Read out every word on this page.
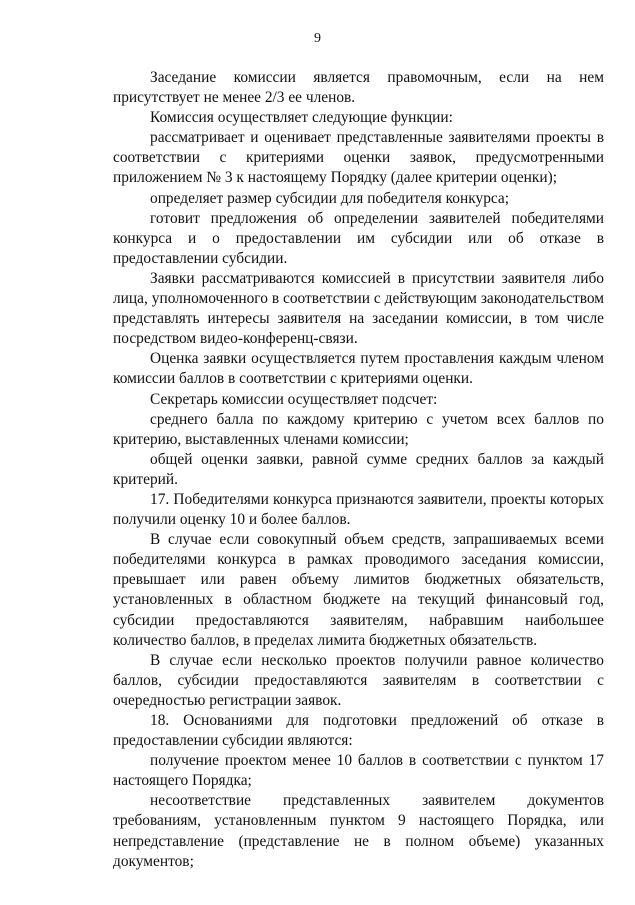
9

Заседание комиссии является правомочным, если на нем присутствует не менее 2/3 ее членов.

Комиссия осуществляет следующие функции:

рассматривает и оценивает представленные заявителями проекты в соответствии с критериями оценки заявок, предусмотренными приложением № 3 к настоящему Порядку (далее критерии оценки);

определяет размер субсидии для победителя конкурса;

готовит предложения об определении заявителей победителями конкурса и о предоставлении им субсидии или об отказе в предоставлении субсидии.

Заявки рассматриваются комиссией в присутствии заявителя либо лица, уполномоченного в соответствии с действующим законодательством представлять интересы заявителя на заседании комиссии, в том числе посредством видео-конференц-связи.

Оценка заявки осуществляется путем проставления каждым членом комиссии баллов в соответствии с критериями оценки.

Секретарь комиссии осуществляет подсчет:

среднего балла по каждому критерию с учетом всех баллов по критерию, выставленных членами комиссии;

общей оценки заявки, равной сумме средних баллов за каждый критерий.

17. Победителями конкурса признаются заявители, проекты которых получили оценку 10 и более баллов.

В случае если совокупный объем средств, запрашиваемых всеми победителями конкурса в рамках проводимого заседания комиссии, превышает или равен объему лимитов бюджетных обязательств, установленных в областном бюджете на текущий финансовый год, субсидии предоставляются заявителям, набравшим наибольшее количество баллов, в пределах лимита бюджетных обязательств.

В случае если несколько проектов получили равное количество баллов, субсидии предоставляются заявителям в соответствии с очередностью регистрации заявок.

18. Основаниями для подготовки предложений об отказе в предоставлении субсидии являются:

получение проектом менее 10 баллов в соответствии с пунктом 17 настоящего Порядка;

несоответствие представленных заявителем документов требованиям, установленным пунктом 9 настоящего Порядка, или непредставление (представление не в полном объеме) указанных документов;
